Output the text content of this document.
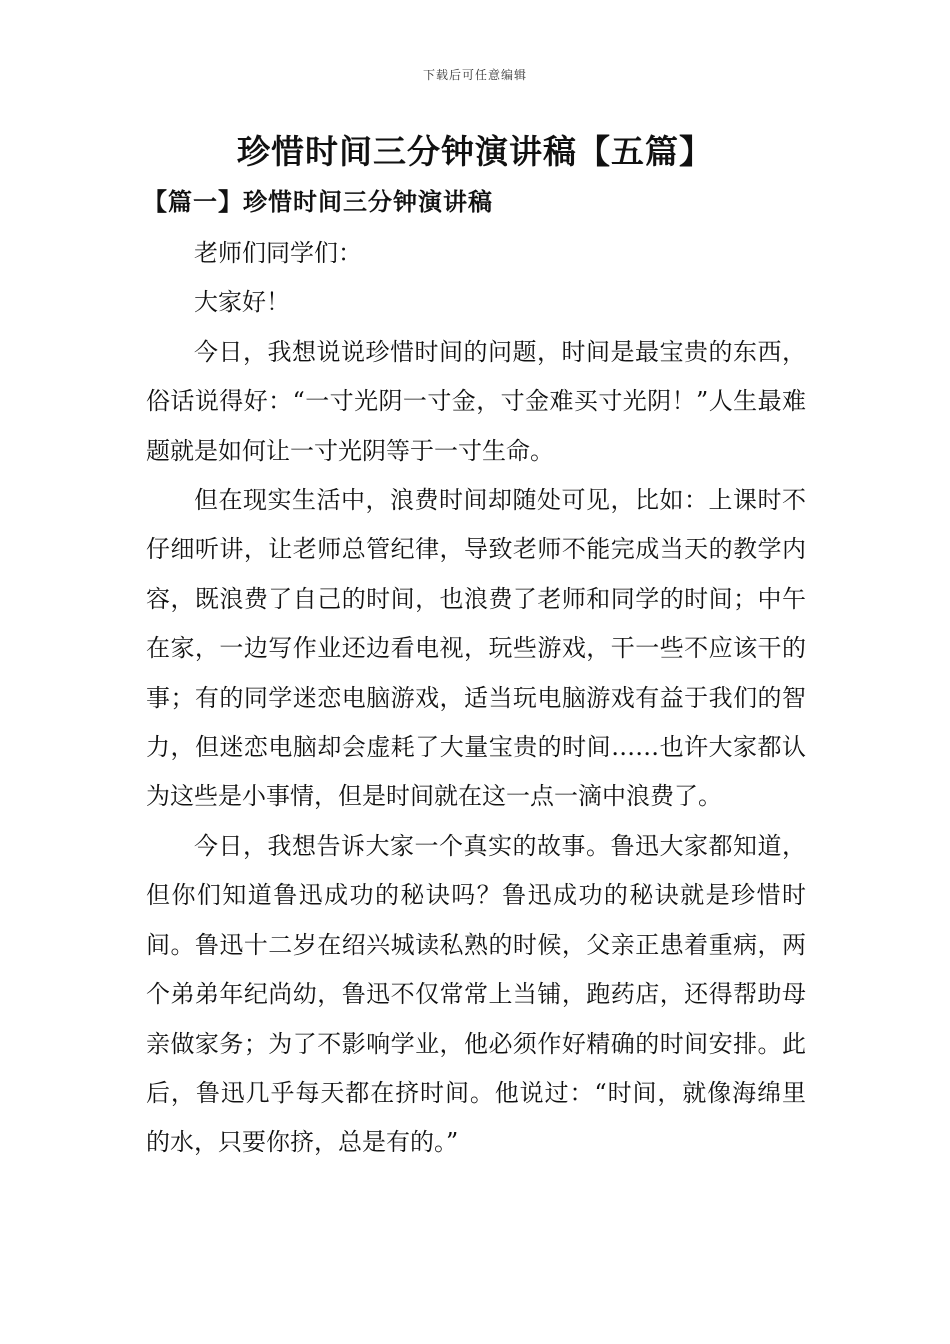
下载后可任意编辑
珍惜时间三分钟演讲稿【五篇】
【篇一】珍惜时间三分钟演讲稿

老师们同学们：

大家好！

今日，我想说说珍惜时间的问题，时间是最宝贵的东西，俗话说得好：“一寸光阴一寸金，寸金难买寸光阴！”人生最难题就是如何让一寸光阴等于一寸生命。

但在现实生活中，浪费时间却随处可见，比如：上课时不仔细听讲，让老师总管纪律，导致老师不能完成当天的教学内容，既浪费了自己的时间，也浪费了老师和同学的时间；中午在家，一边写作业还边看电视，玩些游戏，干一些不应该干的事；有的同学迷恋电脑游戏，适当玩电脑游戏有益于我们的智力，但迷恋电脑却会虚耗了大量宝贵的时间……也许大家都认为这些是小事情，但是时间就在这一点一滴中浪费了。

今日，我想告诉大家一个真实的故事。鲁迅大家都知道，但你们知道鲁迅成功的秘诀吗？鲁迅成功的秘诀就是珍惜时间。鲁迅十二岁在绍兴城读私熟的时候，父亲正患着重病，两个弟弟年纪尚幼，鲁迅不仅常常上当铺，跑药店，还得帮助母亲做家务；为了不影响学业，他必须作好精确的时间安排。此后，鲁迅几乎每天都在挤时间。他说过：“时间，就像海绵里的水，只要你挤，总是有的。”
